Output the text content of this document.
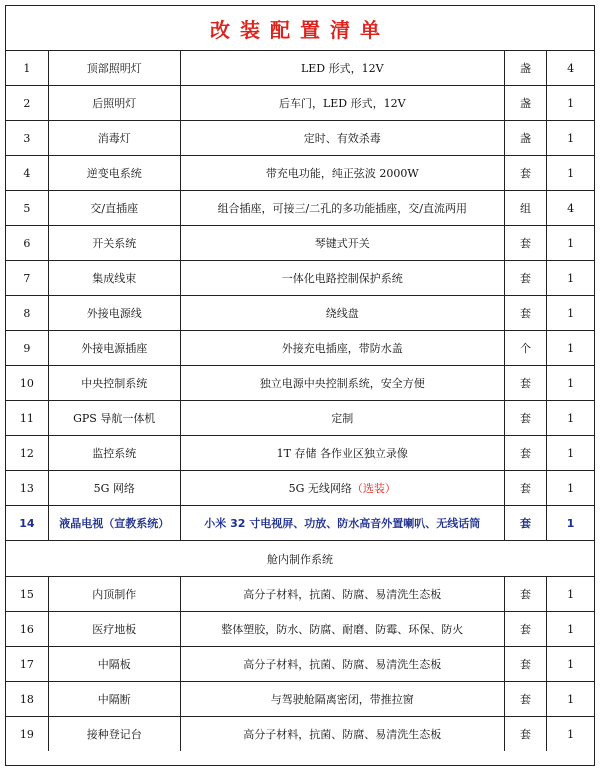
改装配置清单
1	顶部照明灯	LED 形式，12V	盏	4
2	后照明灯	后车门，LED 形式，12V	盏	1
3	消毒灯	定时、有效杀毒	盏	1
4	逆变电系统	带充电功能，纯正弦波 2000W	套	1
5	交/直插座	组合插座，可接三/二孔的多功能插座，交/直流两用	组	4
6	开关系统	琴键式开关	套	1
7	集成线束	一体化电路控制保护系统	套	1
8	外接电源线	绕线盘	套	1
9	外接电源插座	外接充电插座，带防水盖	个	1
10	中央控制系统	独立电源中央控制系统，安全方便	套	1
11	GPS 导航一体机	定制	套	1
12	监控系统	1T 存储 各作业区独立录像	套	1
13	5G 网络	5G 无线网络（选装）	套	1
14	液晶电视（宣教系统）	小米 32 寸电视屏、功放、防水高音外置喇叭、无线话筒	套	1
舱内制作系统				
15	内顶制作	高分子材料，抗菌、防腐、易清洗生态板	套	1
16	医疗地板	整体塑胶，防水、防腐、耐磨、防霉、环保、防火	套	1
17	中隔板	高分子材料，抗菌、防腐、易清洗生态板	套	1
18	中隔断	与驾驶舱隔离密闭，带推拉窗	套	1
19	接种登记台	高分子材料，抗菌、防腐、易清洗生态板	套	1
